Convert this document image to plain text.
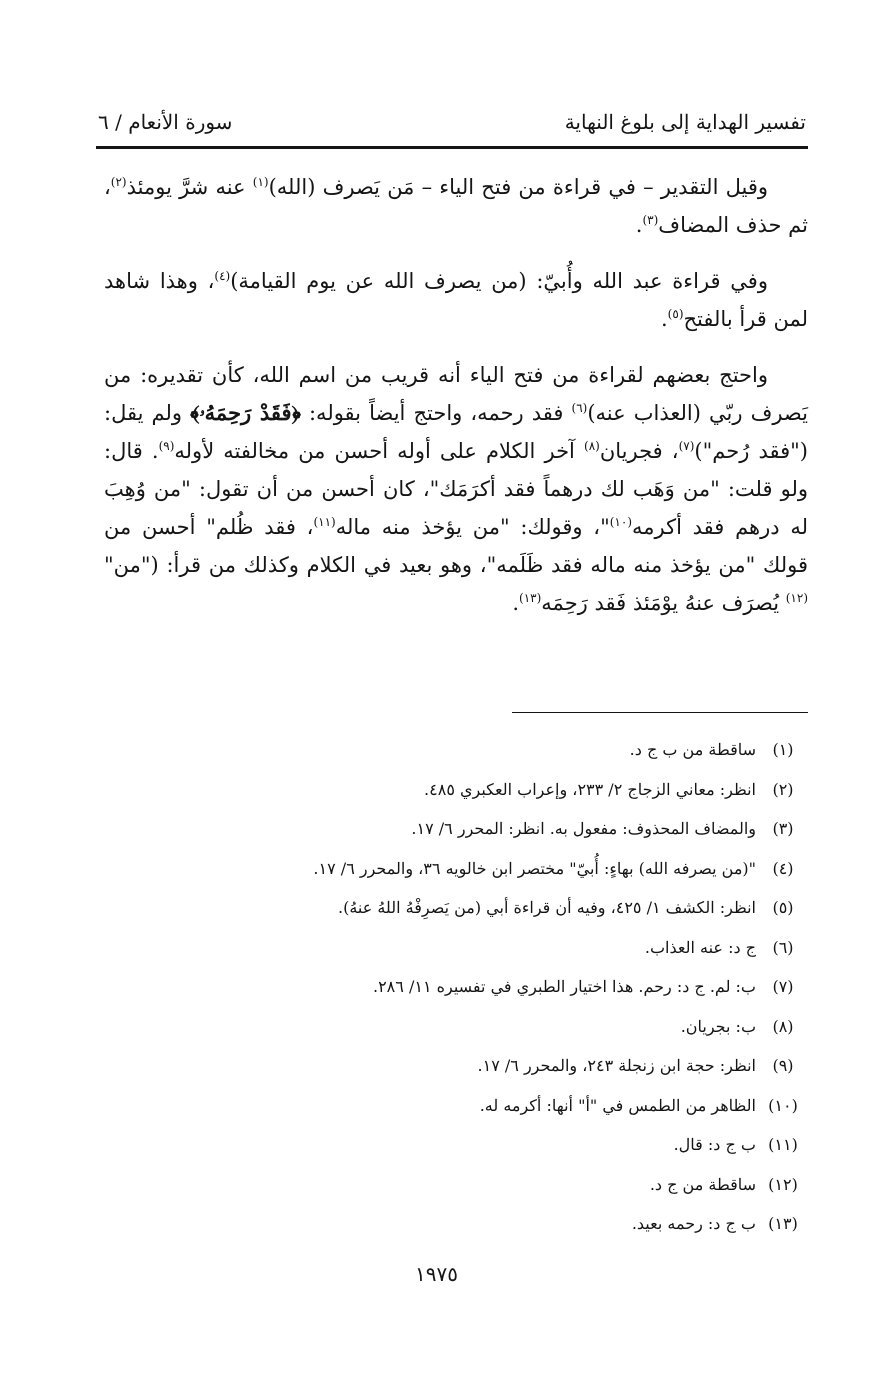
تفسير الهداية إلى بلوغ النهاية
سورة الأنعام / ٦

وقيل التقدير – في قراءة من فتح الياء – مَن يَصرف (الله)$^{(١)}$ عنه شرَّ يومئذ$^{(٢)}$، ثم حذف المضاف$^{(٣)}$.

وفي قراءة عبد الله وأُبيّ: (من يصرف الله عن يوم القيامة)$^{(٤)}$، وهذا شاهد لمن قرأ بالفتح$^{(٥)}$.

واحتج بعضهم لقراءة من فتح الياء أنه قريب من اسم الله، كأن تقديره: من يَصرف ربّي (العذاب عنه)$^{(٦)}$ فقد رحمه، واحتج أيضاً بقوله: ﴿فَقَدْ رَحِمَهُۥ﴾ ولم يقل: ("فقد رُحم")$^{(٧)}$، فجريان$^{(٨)}$ آخر الكلام على أوله أحسن من مخالفته لأوله$^{(٩)}$. قال: ولو قلت: "من وَهَب لك درهماً فقد أكرَمَك"، كان أحسن من أن تقول: "من وُهِبَ له درهم فقد أكرمه$^{(١٠)}$"، وقولك: "من يؤخذ منه ماله$^{(١١)}$، فقد ظُلم" أحسن من قولك "من يؤخذ منه ماله فقد ظَلَمه"، وهو بعيد في الكلام وكذلك من قرأ: ("من"$^{(١٢)}$ يُصرَف عنهُ يوْمَئذ فَقد رَحِمَه$^{(١٣)}$.

(١)
ساقطة من ب ج د.
(٢)
انظر: معاني الزجاج ٢/ ٢٣٣، وإعراب العكبري ٤٨٥.
(٣)
والمضاف المحذوف: مفعول به. انظر: المحرر ٦/ ١٧.
(٤)
"(من يصرفه الله) بهاءٍ: أُبيّ" مختصر ابن خالويه ٣٦، والمحرر ٦/ ١٧.
(٥)
انظر: الكشف ١/ ٤٢٥، وفيه أن قراءة أبي (من يَصرِفْهُ اللهُ عنهُ).
(٦)
ج د: عنه العذاب.
(٧)
ب: لم. ج د: رحم. هذا اختيار الطبري في تفسيره ١١/ ٢٨٦.
(٨)
ب: بجريان.
(٩)
انظر: حجة ابن زنجلة ٢٤٣، والمحرر ٦/ ١٧.
(١٠)
الظاهر من الطمس في "أ" أنها: أكرمه له.
(١١)
ب ج د: قال.
(١٢)
ساقطة من ج د.
(١٣)
ب ج د: رحمه بعيد.
١٩٧٥
